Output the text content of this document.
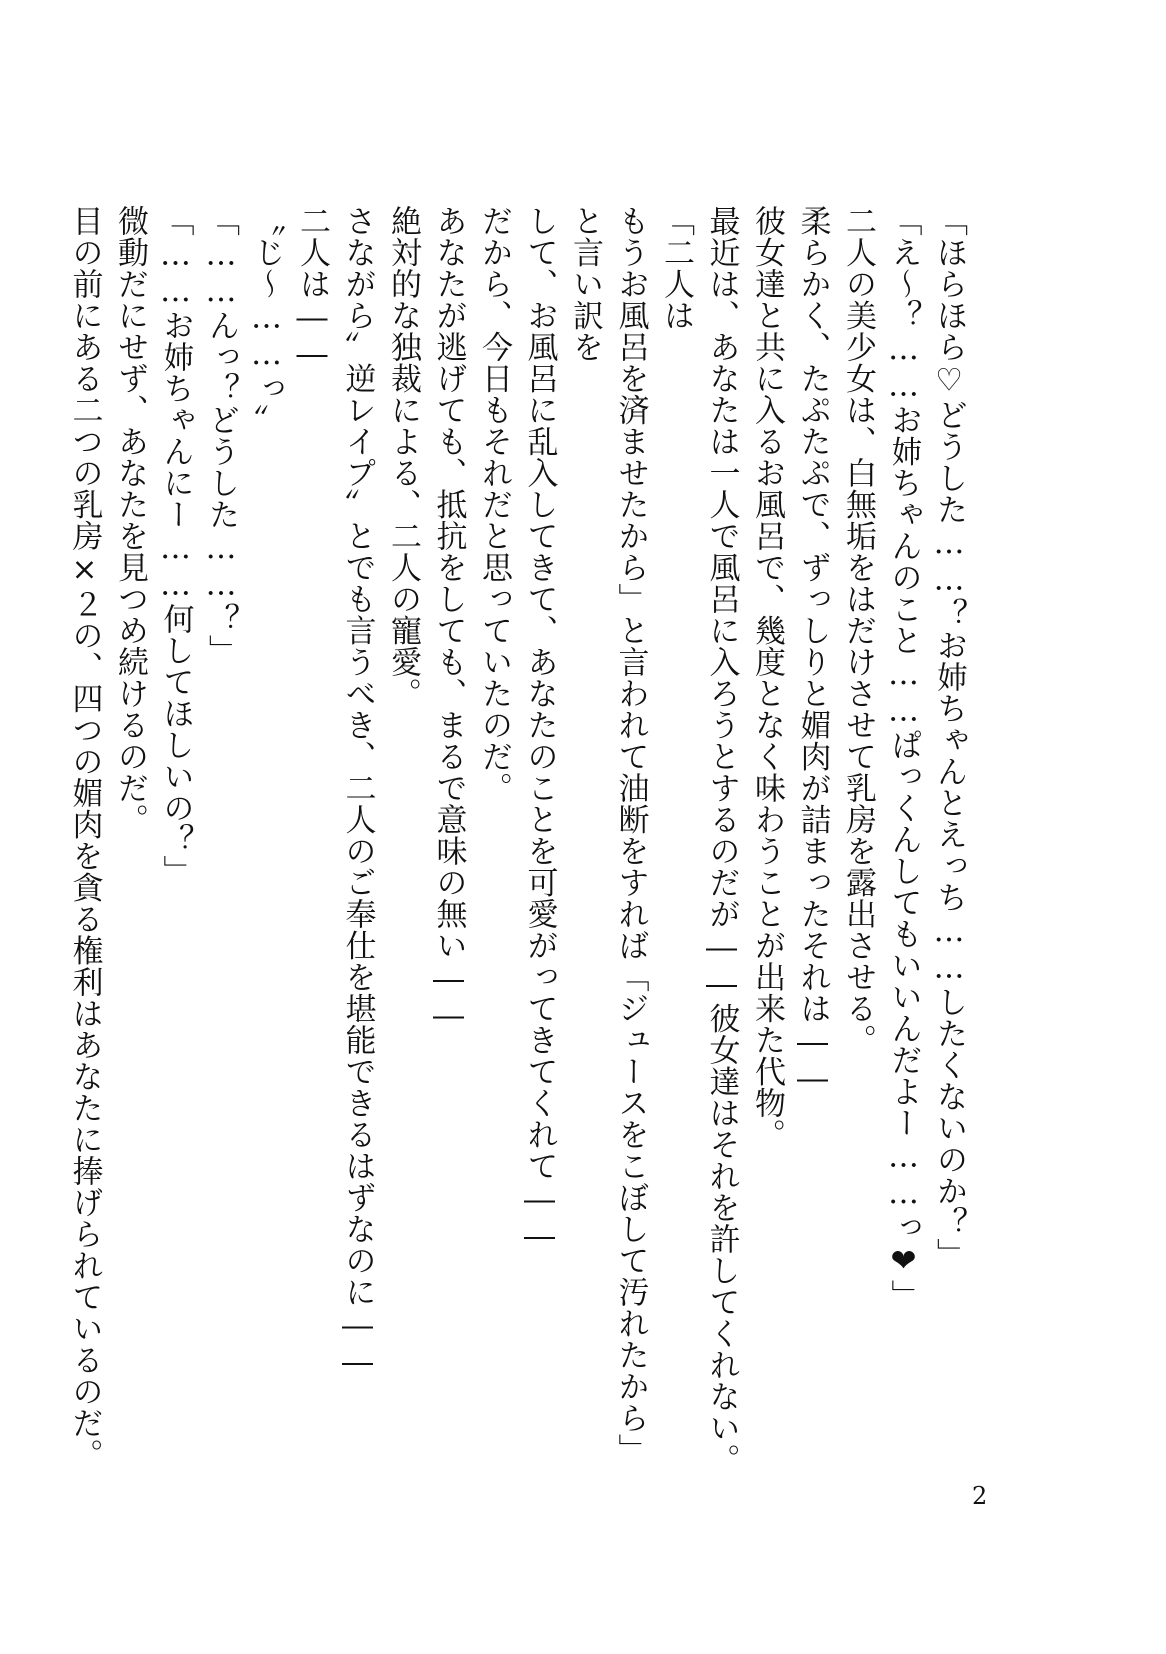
「ほらほら♡どうした……？お姉ちゃんとえっち……したくないのか？」
「え～？……お姉ちゃんのこと……ぱっくんしてもいいんだよー……っ❤」
二人の美少女は、白無垢をはだけさせて乳房を露出させる。
柔らかく、たぷたぷで、ずっしりと媚肉が詰まったそれは――
彼女達と共に入るお風呂で、幾度となく味わうことが出来た代物。
最近は、あなたは一人で風呂に入ろうとするのだが――彼女達はそれを許してくれない。「二人は
もうお風呂を済ませたから」と言われて油断をすれば「ジュースをこぼして汚れたから」と言い訳を
して、お風呂に乱入してきて、あなたのことを可愛がってきてくれて――
だから、今日もそれだと思っていたのだ。
あなたが逃げても、抵抗をしても、まるで意味の無い――
絶対的な独裁による、二人の寵愛。
さながら〞逆レイプ〟とでも言うべき、二人のご奉仕を堪能できるはずなのに――
二人は――
〝じ～……っ〟
「……んっ？どうした……？」
「……お姉ちゃんにー……何してほしいの？」
微動だにせず、あなたを見つめ続けるのだ。
目の前にある二つの乳房×２の、四つの媚肉を貪る権利はあなたに捧げられているのだ。
2
